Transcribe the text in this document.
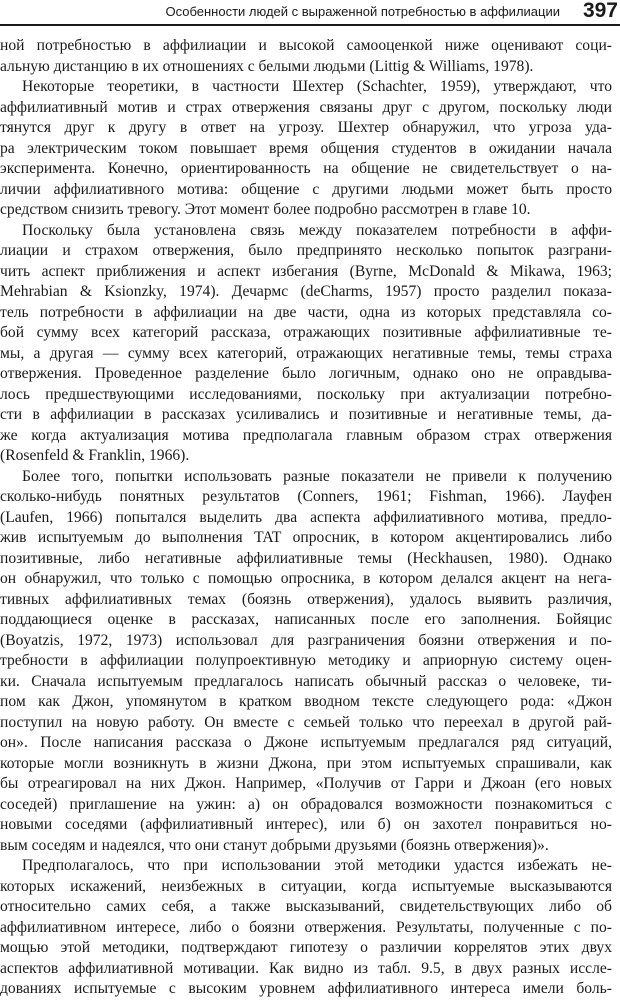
Особенности людей с выраженной потребностью в аффилиации 397
ной потребностью в аффилиации и высокой самооценкой ниже оценивают соци-
альную дистанцию в их отношениях с белыми людьми (Littig & Williams, 1978).
Некоторые теоретики, в частности Шехтер (Schachter, 1959), утверждают, что
аффилиативный мотив и страх отвержения связаны друг с другом, поскольку люди
тянутся друг к другу в ответ на угрозу. Шехтер обнаружил, что угроза уда-
ра электрическим током повышает время общения студентов в ожидании начала
эксперимента. Конечно, ориентированность на общение не свидетельствует о на-
личии аффилиативного мотива: общение с другими людьми может быть просто
средством снизить тревогу. Этот момент более подробно рассмотрен в главе 10.
Поскольку была установлена связь между показателем потребности в аффи-
лиации и страхом отвержения, было предпринято несколько попыток разграни-
чить аспект приближения и аспект избегания (Byrne, McDonald & Mikawa, 1963;
Mehrabian & Ksionzky, 1974). Дечармс (deCharms, 1957) просто разделил показа-
тель потребности в аффилиации на две части, одна из которых представляла со-
бой сумму всех категорий рассказа, отражающих позитивные аффилиативные те-
мы, а другая — сумму всех категорий, отражающих негативные темы, темы страха
отвержения. Проведенное разделение было логичным, однако оно не оправдыва-
лось предшествующими исследованиями, поскольку при актуализации потребно-
сти в аффилиации в рассказах усиливались и позитивные и негативные темы, да-
же когда актуализация мотива предполагала главным образом страх отвержения
(Rosenfeld & Franklin, 1966).
Более того, попытки использовать разные показатели не привели к получению
сколько-нибудь понятных результатов (Conners, 1961; Fishman, 1966). Лауфен
(Laufen, 1966) попытался выделить два аспекта аффилиативного мотива, предло-
жив испытуемым до выполнения TAT опросник, в котором акцентировались либо
позитивные, либо негативные аффилиативные темы (Heckhausen, 1980). Однако
он обнаружил, что только с помощью опросника, в котором делался акцент на нега-
тивных аффилиативных темах (боязнь отвержения), удалось выявить различия,
поддающиеся оценке в рассказах, написанных после его заполнения. Бойяцис
(Boyatzis, 1972, 1973) использовал для разграничения боязни отвержения и по-
требности в аффилиации полупроективную методику и априорную систему оцен-
ки. Сначала испытуемым предлагалось написать обычный рассказ о человеке, ти-
пом как Джон, упомянутом в кратком вводном тексте следующего рода: «Джон
поступил на новую работу. Он вместе с семьей только что переехал в другой рай-
он». После написания рассказа о Джоне испытуемым предлагался ряд ситуаций,
которые могли возникнуть в жизни Джона, при этом испытуемых спрашивали, как
бы отреагировал на них Джон. Например, «Получив от Гарри и Джоан (его новых
соседей) приглашение на ужин: а) он обрадовался возможности познакомиться с
новыми соседями (аффилиативный интерес), или б) он захотел понравиться но-
вым соседям и надеялся, что они станут добрыми друзьями (боязнь отвержения)».
Предполагалось, что при использовании этой методики удастся избежать не-
которых искажений, неизбежных в ситуации, когда испытуемые высказываются
относительно самих себя, а также высказываний, свидетельствующих либо об
аффилиативном интересе, либо о боязни отвержения. Результаты, полученные с по-
мощью этой методики, подтверждают гипотезу о различии коррелятов этих двух
аспектов аффилиативной мотивации. Как видно из табл. 9.5, в двух разных иссле-
дованиях испытуемые с высоким уровнем аффилиативного интереса имели боль-
